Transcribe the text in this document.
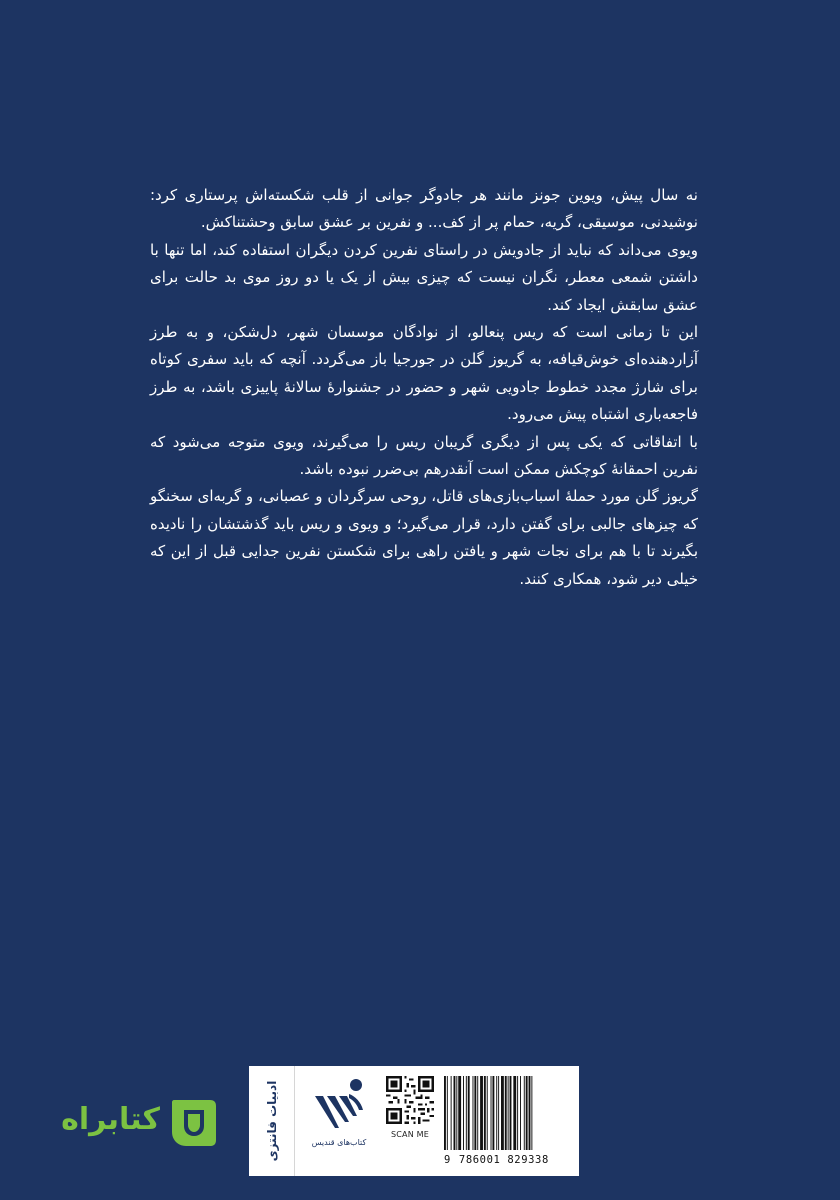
نه سال پیش، ویوین جونز مانند هر جادوگر جوانی از قلب شکسته‌اش پرستاری کرد: نوشیدنی، موسیقی، گریه، حمام پر از کف... و نفرین بر عشق سابق وحشتناکش.

ویوی می‌داند که نباید از جادویش در راستای نفرین کردن دیگران استفاده کند، اما تنها با داشتن شمعی معطر، نگران نیست که چیزی بیش از یک یا دو روز موی بد حالت برای عشق سابقش ایجاد کند.

این تا زمانی است که ریس پنعالو، از نوادگان موسسان شهر، دل‌شکن، و به طرز آزاردهنده‌ای خوش‌قیافه، به گریوز گلن در جورجیا باز می‌گردد. آنچه که باید سفری کوتاه برای شارژ مجدد خطوط جادویی شهر و حضور در جشنوارهٔ سالانهٔ پاییزی باشد، به طرز فاجعه‌باری اشتباه پیش می‌رود.

با اتفاقاتی که یکی پس از دیگری گریبان ریس را می‌گیرند، ویوی متوجه می‌شود که نفرین احمقانهٔ کوچکش ممکن است آنقدرهم بی‌ضرر نبوده باشد.

گریوز گلن مورد حملهٔ اسباب‌بازی‌های قاتل، روحی سرگردان و عصبانی، و گربه‌ای سخنگو که چیزهای جالبی برای گفتن دارد، قرار می‌گیرد؛ و ویوی و ریس باید گذشتشان را نادیده بگیرند تا با هم برای نجات شهر و یافتن راهی برای شکستن نفرین جدایی قبل از این که خیلی دیر شود، همکاری کنند.

ادبیات فانتزی	کتاب‌های قندیس
SCAN ME
9 786001 829338
کتابراه
